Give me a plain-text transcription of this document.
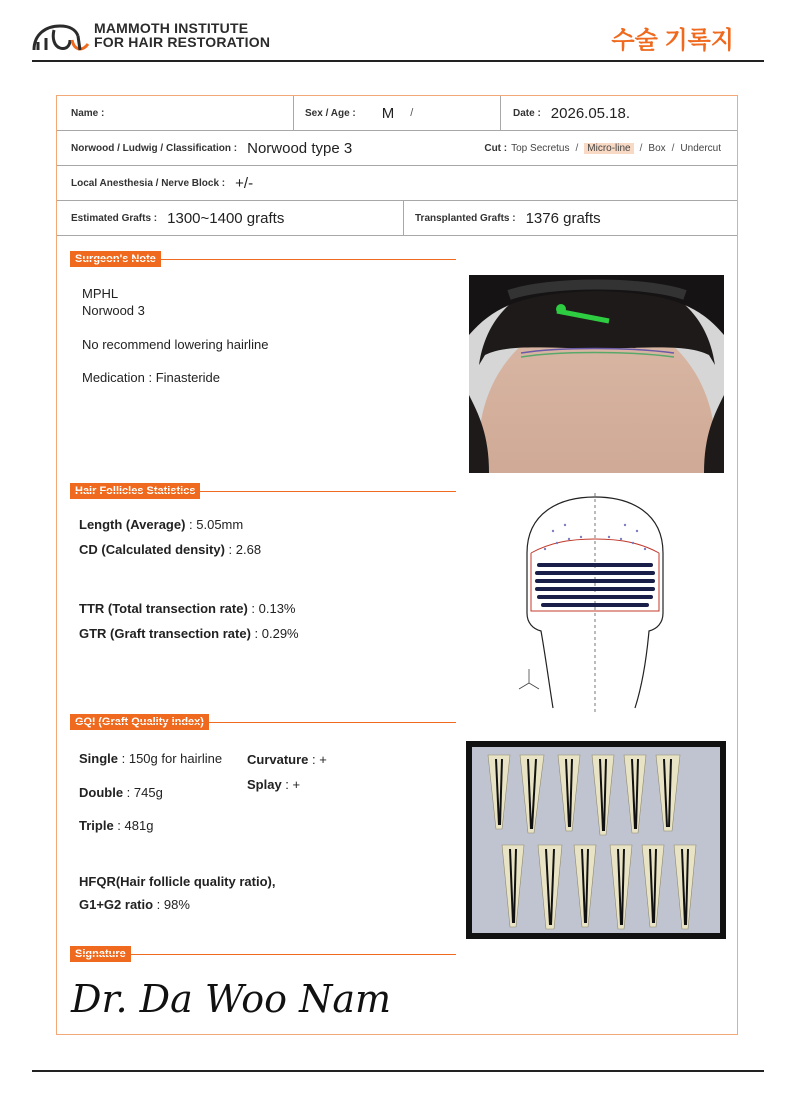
MAMMOTH INSTITUTE
FOR HAIR RESTORATION	수술 기록지
Name :	Sex / Age : M /	Date : 2026.05.18.
Norwood / Ludwig / Classification : Norwood type 3	Cut : Top Secretus / Micro-line / Box / Undercut
Local Anesthesia / Nerve Block : +/-
Estimated Grafts : 1300~1400 grafts	Transplanted Grafts : 1376 grafts
Surgeon's Note
MPHL
Norwood 3
No recommend lowering hairline
Medication : Finasteride
Hair Follicles Statistics
Length (Average) : 5.05mm
CD (Calculated density) : 2.68
TTR (Total transection rate) : 0.13%
GTR (Graft transection rate) : 0.29%
GQI (Graft Quality index)
Single : 150g for hairline
Double : 745g
Triple : 481g
Curvature : +
Splay : +
HFQR(Hair follicle quality ratio),
G1+G2 ratio : 98%
Signature
Dr. Da Woo Nam
